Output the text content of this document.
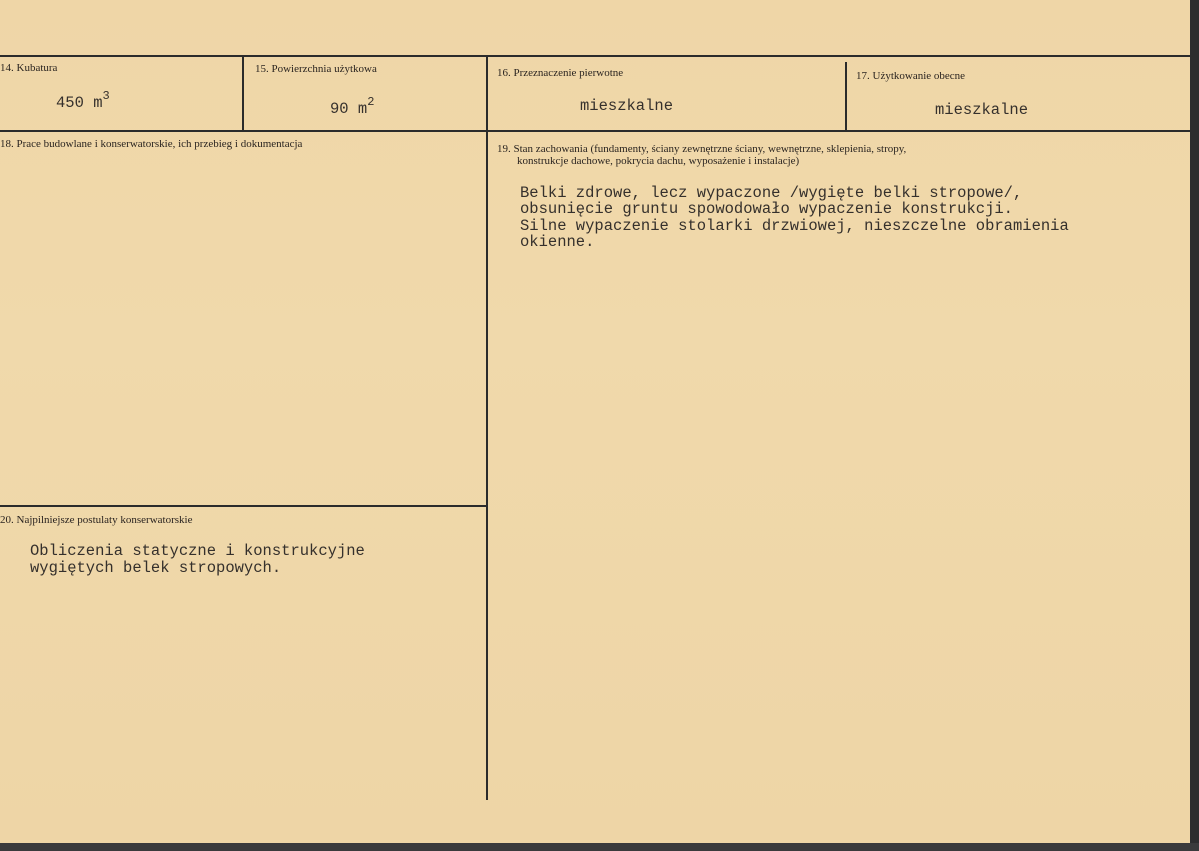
14. Kubatura
450 $m^3$
15. Powierzchnia użytkowa
90 $m^2$
16. Przeznaczenie pierwotne
mieszkalne
17. Użytkowanie obecne
mieszkalne
18. Prace budowlane i konserwatorskie, ich przebieg i dokumentacja	19. Stan zachowania (fundamenty, ściany zewnętrzne ściany, wewnętrzne, sklepienia, stropy,
konstrukcje dachowe, pokrycia dachu, wyposażenie i instalacje)
Belki zdrowe, lecz wypaczone /wygięte belki stropowe/,
obsunięcie gruntu spowodowało wypaczenie konstrukcji.
Silne wypaczenie stolarki drzwiowej, nieszczelne obramienia
okienne.
20. Najpilniejsze postulaty konserwatorskie
Obliczenia statyczne i konstrukcyjne
wygiętych belek stropowych.
